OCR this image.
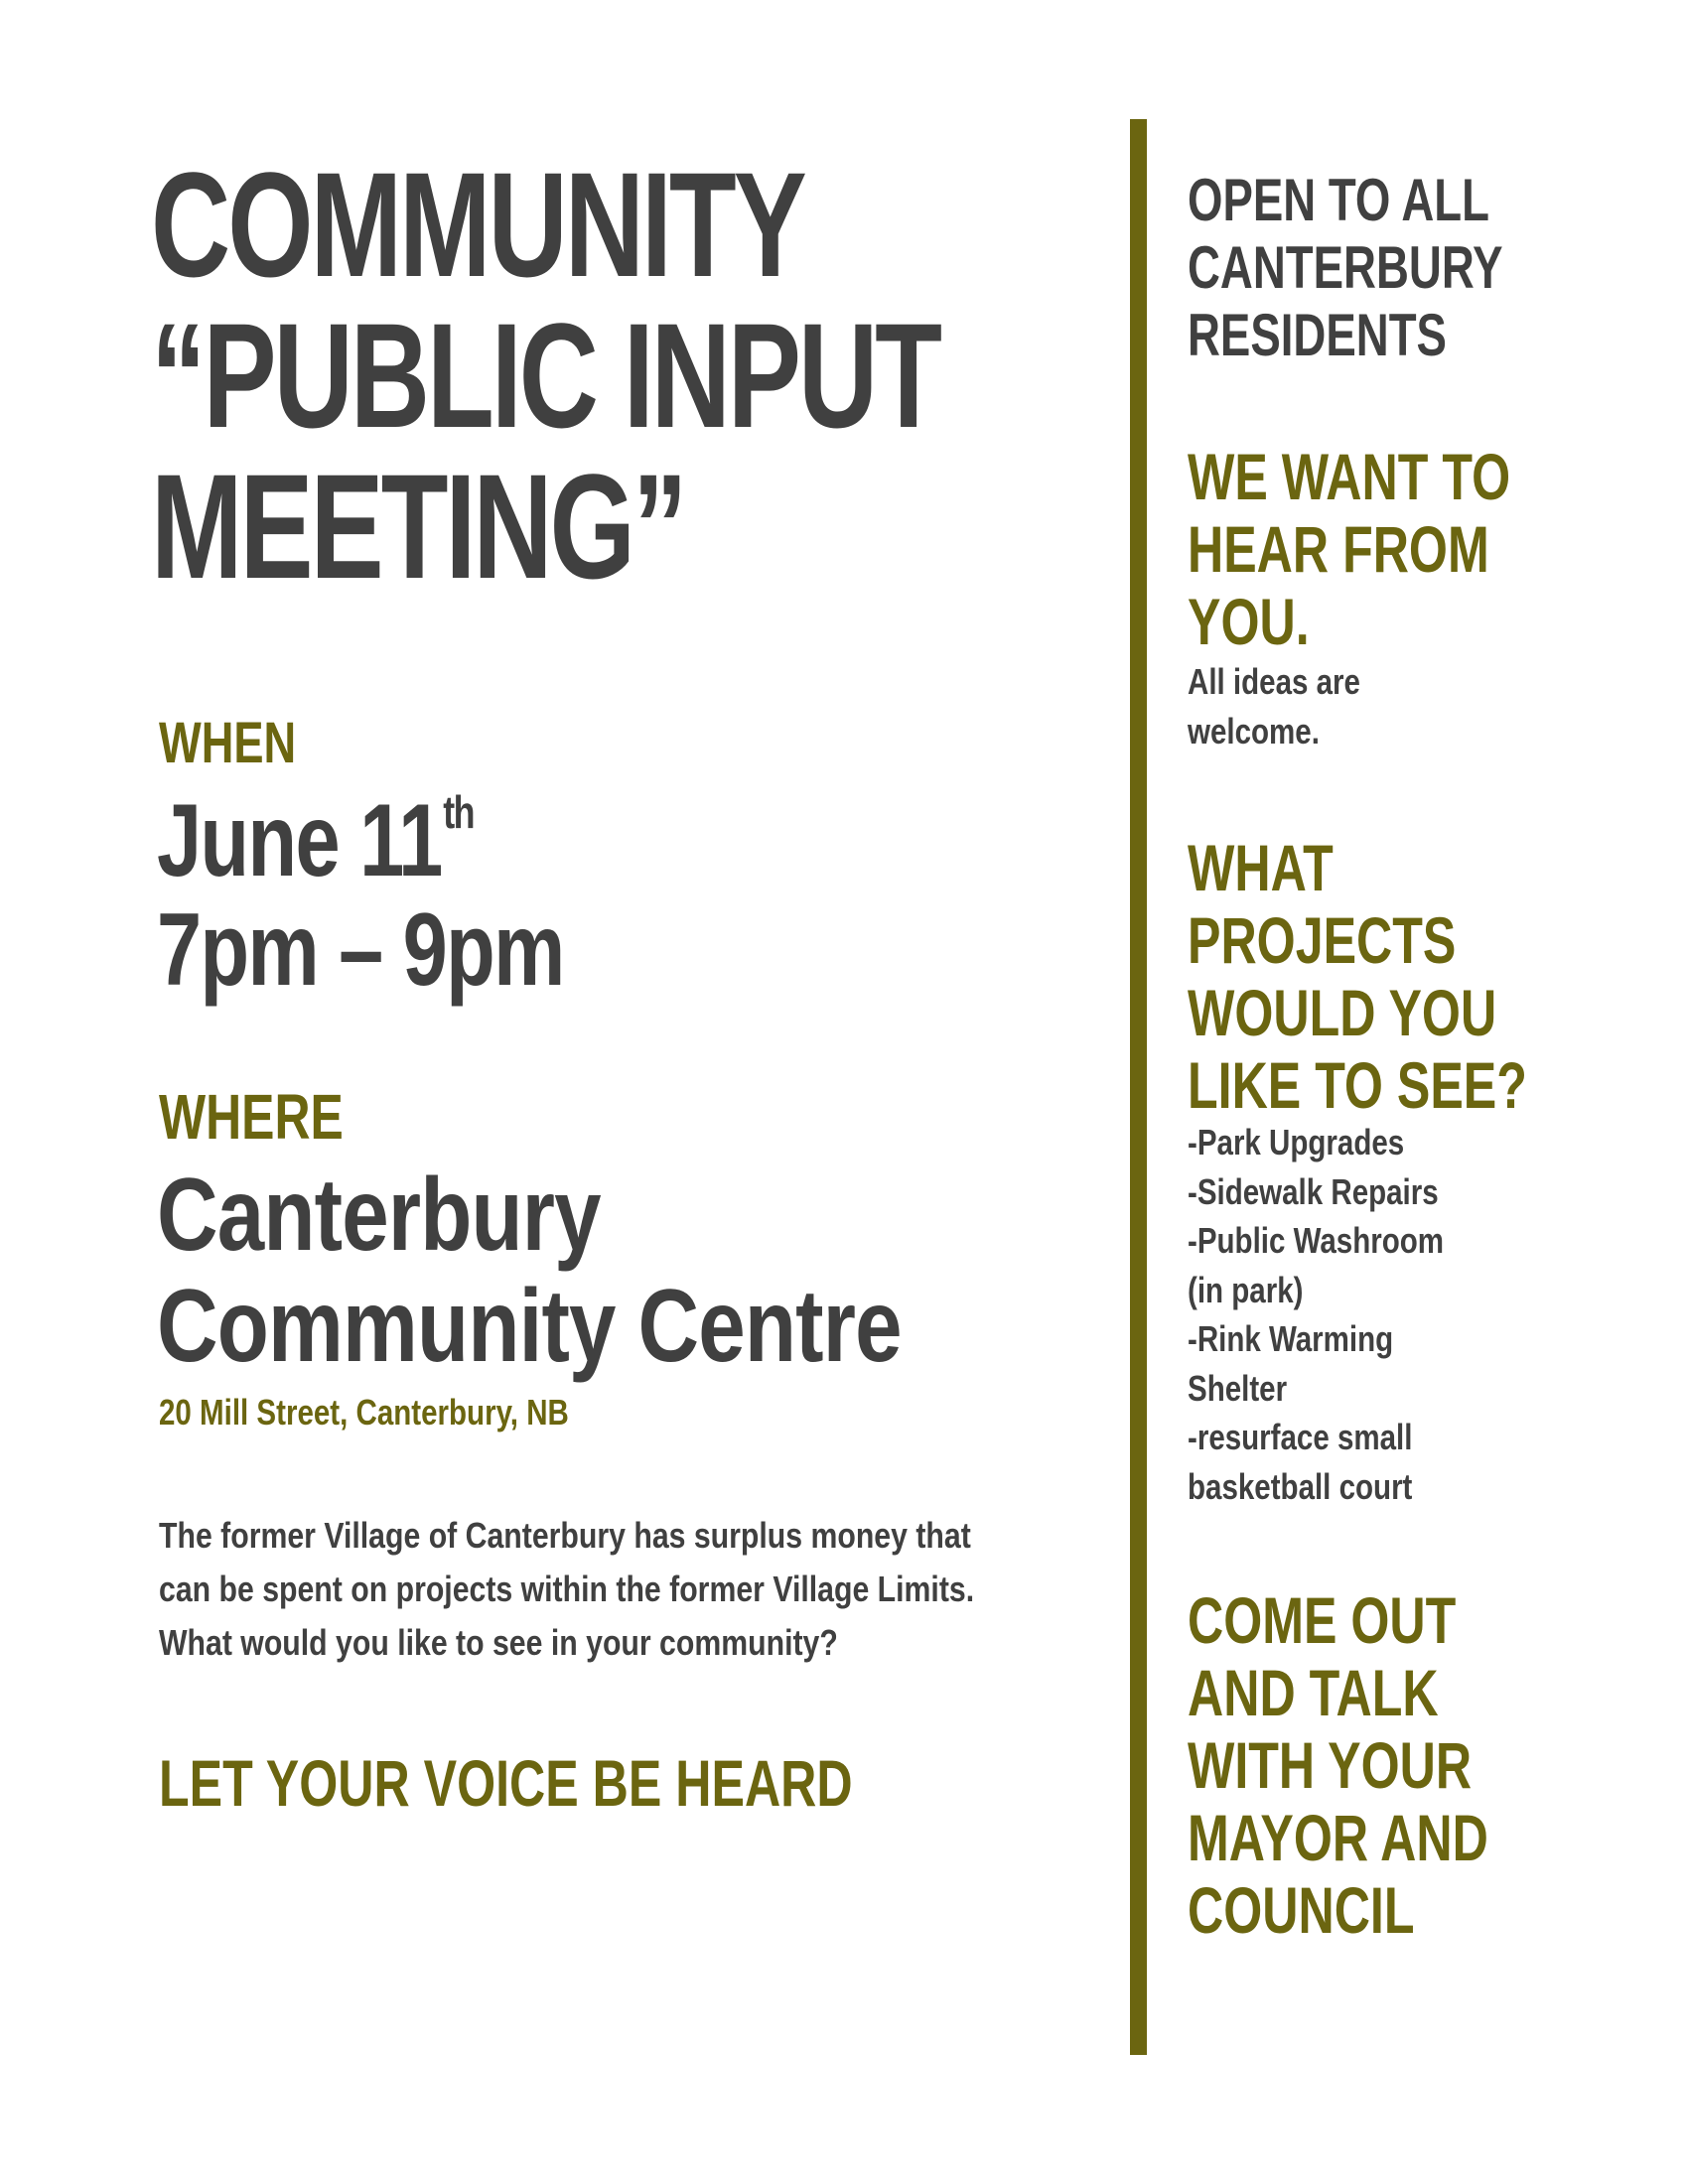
COMMUNITY
“PUBLIC INPUT
MEETING”
WHEN
June 11th
7pm – 9pm
WHERE
Canterbury
Community Centre
20 Mill Street, Canterbury, NB
The former Village of Canterbury has surplus money that
can be spent on projects within the former Village Limits.
What would you like to see in your community?
LET YOUR VOICE BE HEARD
OPEN TO ALL
CANTERBURY
RESIDENTS
WE WANT TO
HEAR FROM
YOU.
All ideas are
welcome.
WHAT
PROJECTS
WOULD YOU
LIKE TO SEE?
-Park Upgrades
-Sidewalk Repairs
-Public Washroom
(in park)
-Rink Warming
Shelter
-resurface small
basketball court
COME OUT
AND TALK
WITH YOUR
MAYOR AND
COUNCIL
